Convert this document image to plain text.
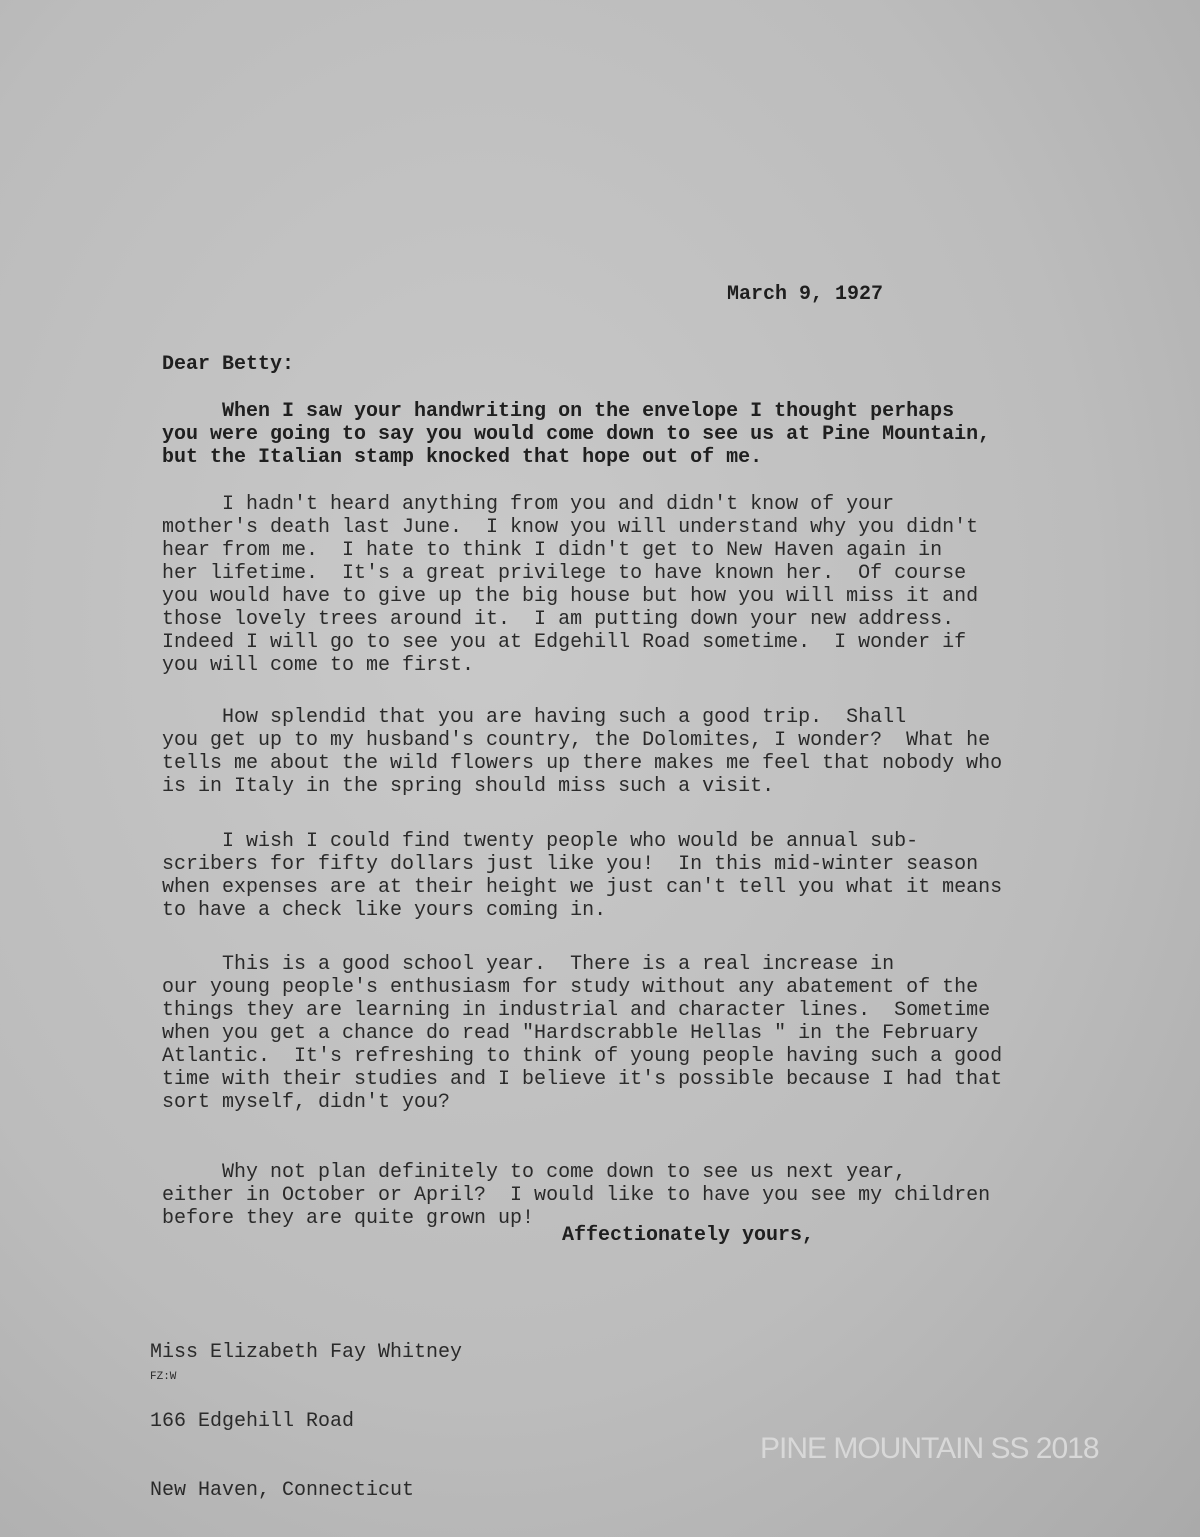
March 9, 1927
Dear Betty:
When I saw your handwriting on the envelope I thought perhaps
you were going to say you would come down to see us at Pine Mountain,
but the Italian stamp knocked that hope out of me.
I hadn't heard anything from you and didn't know of your
mother's death last June.  I know you will understand why you didn't
hear from me.  I hate to think I didn't get to New Haven again in
her lifetime.  It's a great privilege to have known her.  Of course
you would have to give up the big house but how you will miss it and
those lovely trees around it.  I am putting down your new address.
Indeed I will go to see you at Edgehill Road sometime.  I wonder if
you will come to me first.
How splendid that you are having such a good trip.  Shall
you get up to my husband's country, the Dolomites, I wonder?  What he
tells me about the wild flowers up there makes me feel that nobody who
is in Italy in the spring should miss such a visit.
I wish I could find twenty people who would be annual sub-
scribers for fifty dollars just like you!  In this mid-winter season
when expenses are at their height we just can't tell you what it means
to have a check like yours coming in.
This is a good school year.  There is a real increase in
our young people's enthusiasm for study without any abatement of the
things they are learning in industrial and character lines.  Sometime
when you get a chance do read "Hardscrabble Hellas " in the February
Atlantic.  It's refreshing to think of young people having such a good
time with their studies and I believe it's possible because I had that
sort myself, didn't you?
Why not plan definitely to come down to see us next year,
either in October or April?  I would like to have you see my children
before they are quite grown up!
Affectionately yours,

Miss Elizabeth Fay Whitney

166 Edgehill Road

New Haven, Connecticut

FZ:W
PINE MOUNTAIN SS 2018
